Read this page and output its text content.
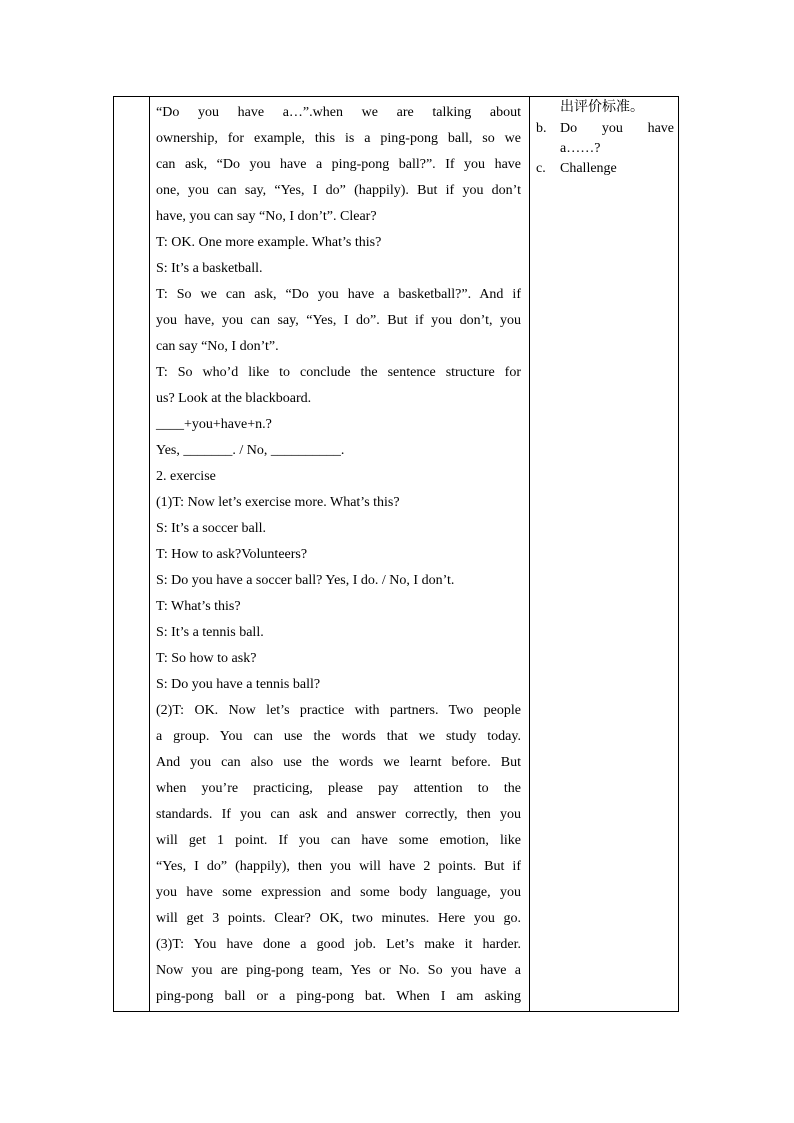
“Do you have a…”.when we are talking about
ownership, for example, this is a ping-pong ball, so we
can ask, “Do you have a ping-pong ball?”. If you have
one, you can say, “Yes, I do” (happily). But if you don’t
have, you can say “No, I don’t”. Clear?
T: OK. One more example. What’s this?
S: It’s a basketball.
T: So we can ask, “Do you have a basketball?”. And if
you have, you can say, “Yes, I do”. But if you don’t, you
can say “No, I don’t”.
T: So who’d like to conclude the sentence structure for
us? Look at the blackboard.
____+you+have+n.?
Yes, _______. / No, __________.
2. exercise
(1)T: Now let’s exercise more. What’s this?
S: It’s a soccer ball.
T: How to ask?Volunteers?
S: Do you have a soccer ball? Yes, I do. / No, I don’t.
T: What’s this?
S: It’s a tennis ball.
T: So how to ask?
S: Do you have a tennis ball?
(2)T: OK. Now let’s practice with partners. Two people
a group. You can use the words that we study today.
And you can also use the words we learnt before. But
when you’re practicing, please pay attention to the
standards. If you can ask and answer correctly, then you
will get 1 point. If you can have some emotion, like
“Yes, I do” (happily), then you will have 2 points. But if
you have some expression and some body language, you
will get 3 points. Clear? OK, two minutes. Here you go.
(3)T: You have done a good job. Let’s make it harder.
Now you are ping-pong team, Yes or No. So you have a
ping-pong ball or a ping-pong bat. When I am asking
出评价标准。
b. Do you have
a……?
c.	Challenge
